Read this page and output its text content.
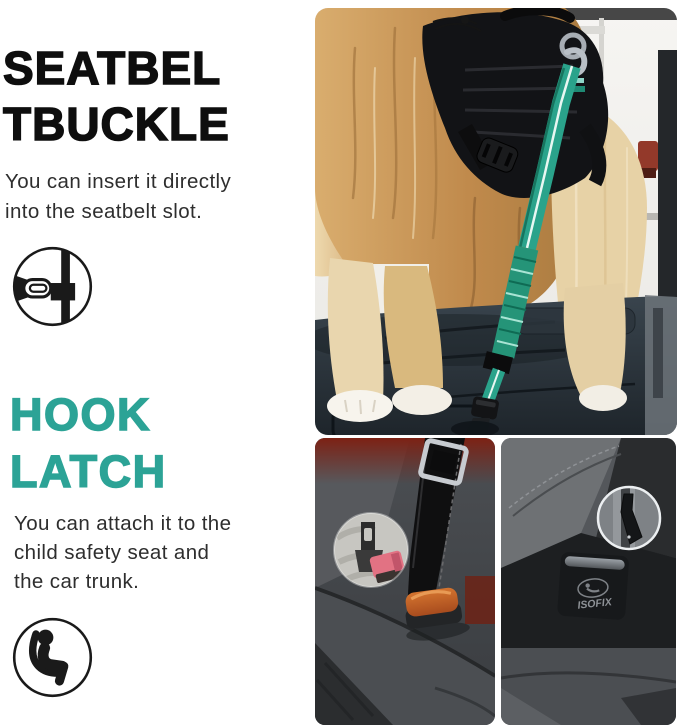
SEATBEL
TBUCKLE

You can insert it directly
into the seatbelt slot.

HOOK
LATCH

You can attach it to the
child safety seat and
the car trunk.

ISOFIX
